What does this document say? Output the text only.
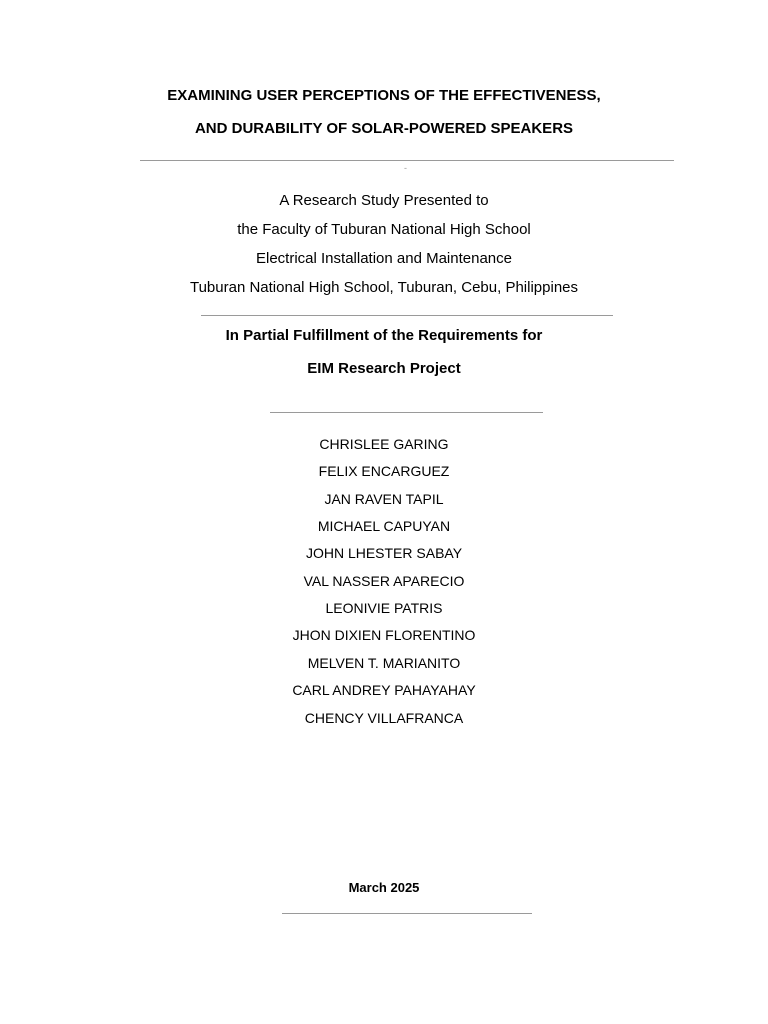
EXAMINING USER PERCEPTIONS OF THE EFFECTIVENESS,
AND DURABILITY OF SOLAR-POWERED SPEAKERS
-
A Research Study Presented to
the Faculty of Tuburan National High School
Electrical Installation and Maintenance
Tuburan National High School, Tuburan, Cebu, Philippines
In Partial Fulfillment of the Requirements for
EIM Research Project
CHRISLEE GARING
FELIX ENCARGUEZ
JAN RAVEN TAPIL
MICHAEL CAPUYAN
JOHN LHESTER SABAY
VAL NASSER APARECIO
LEONIVIE PATRIS
JHON DIXIEN FLORENTINO
MELVEN T. MARIANITO
CARL ANDREY PAHAYAHAY
CHENCY VILLAFRANCA
March 2025
